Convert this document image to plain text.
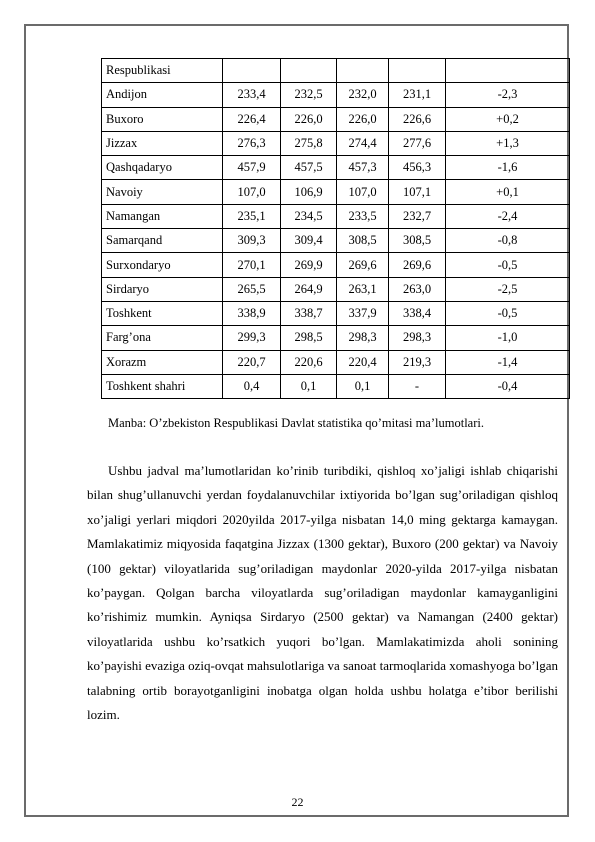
Respublikasi					
Andijon	233,4	232,5	232,0	231,1	-2,3
Buxoro	226,4	226,0	226,0	226,6	+0,2
Jizzax	276,3	275,8	274,4	277,6	+1,3
Qashqadaryo	457,9	457,5	457,3	456,3	-1,6
Navoiy	107,0	106,9	107,0	107,1	+0,1
Namangan	235,1	234,5	233,5	232,7	-2,4
Samarqand	309,3	309,4	308,5	308,5	-0,8
Surxondaryo	270,1	269,9	269,6	269,6	-0,5
Sirdaryo	265,5	264,9	263,1	263,0	-2,5
Toshkent	338,9	338,7	337,9	338,4	-0,5
Farg’ona	299,3	298,5	298,3	298,3	-1,0
Xorazm	220,7	220,6	220,4	219,3	-1,4
Toshkent shahri	0,4	0,1	0,1	-	-0,4
Manba: O’zbekiston Respublikasi Davlat statistika qo’mitasi ma’lumotlari.

Ushbu jadval ma’lumotlaridan ko’rinib turibdiki, qishloq xo’jaligi ishlab chiqarishi bilan shug’ullanuvchi yerdan foydalanuvchilar ixtiyorida bo’lgan sug’oriladigan qishloq xo’jaligi yerlari miqdori 2020yilda 2017-yilga nisbatan 14,0 ming gektarga kamaygan. Mamlakatimiz miqyosida faqatgina Jizzax (1300 gektar), Buxoro (200 gektar) va Navoiy (100 gektar) viloyatlarida sug’oriladigan maydonlar 2020-yilda 2017-yilga nisbatan ko’paygan. Qolgan barcha viloyatlarda sug’oriladigan maydonlar kamayganligini ko’rishimiz mumkin. Ayniqsa Sirdaryo (2500 gektar) va Namangan (2400 gektar) viloyatlarida ushbu ko’rsatkich yuqori bo’lgan. Mamlakatimizda aholi sonining ko’payishi evaziga oziq-ovqat mahsulotlariga va sanoat tarmoqlarida xomashyoga bo’lgan talabning ortib borayotganligini inobatga olgan holda ushbu holatga e’tibor berilishi lozim.

22
